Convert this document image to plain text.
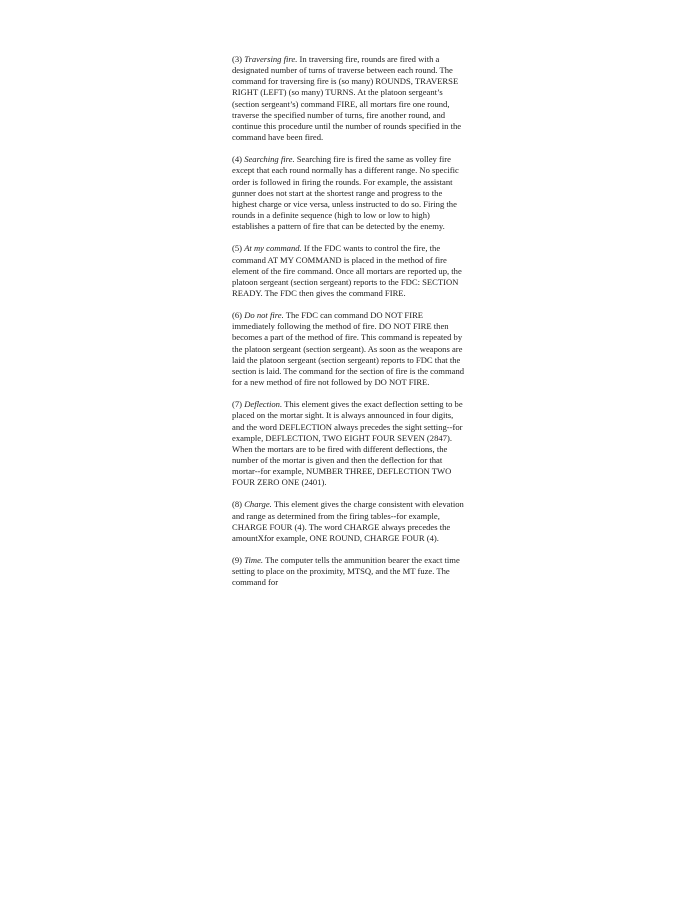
(3) Traversing fire. In traversing fire, rounds are fired with a designated number of turns of traverse between each round. The command for traversing fire is (so many) ROUNDS, TRAVERSE RIGHT (LEFT) (so many) TURNS. At the platoon sergeant’s (section sergeant’s) command FIRE, all mortars fire one round, traverse the specified number of turns, fire another round, and continue this procedure until the number of rounds specified in the command have been fired.

(4) Searching fire. Searching fire is fired the same as volley fire except that each round normally has a different range. No specific order is followed in firing the rounds. For example, the assistant gunner does not start at the shortest range and progress to the highest charge or vice versa, unless instructed to do so. Firing the rounds in a definite sequence (high to low or low to high) establishes a pattern of fire that can be detected by the enemy.

(5) At my command. If the FDC wants to control the fire, the command AT MY COMMAND is placed in the method of fire element of the fire command. Once all mortars are reported up, the platoon sergeant (section sergeant) reports to the FDC: SECTION READY. The FDC then gives the command FIRE.

(6) Do not fire. The FDC can command DO NOT FIRE immediately following the method of fire. DO NOT FIRE then becomes a part of the method of fire. This command is repeated by the platoon sergeant (section sergeant). As soon as the weapons are laid the platoon sergeant (section sergeant) reports to FDC that the section is laid. The command for the section of fire is the command for a new method of fire not followed by DO NOT FIRE.

(7) Deflection. This element gives the exact deflection setting to be placed on the mortar sight. It is always announced in four digits, and the word DEFLECTION always precedes the sight setting--for example, DEFLECTION, TWO EIGHT FOUR SEVEN (2847). When the mortars are to be fired with different deflections, the number of the mortar is given and then the deflection for that mortar--for example, NUMBER THREE, DEFLECTION TWO FOUR ZERO ONE (2401).

(8) Charge. This element gives the charge consistent with elevation and range as determined from the firing tables--for example, CHARGE FOUR (4). The word CHARGE always precedes the amountXfor example, ONE ROUND, CHARGE FOUR (4).

(9) Time. The computer tells the ammunition bearer the exact time setting to place on the proximity, MTSQ, and the MT fuze. The command for
